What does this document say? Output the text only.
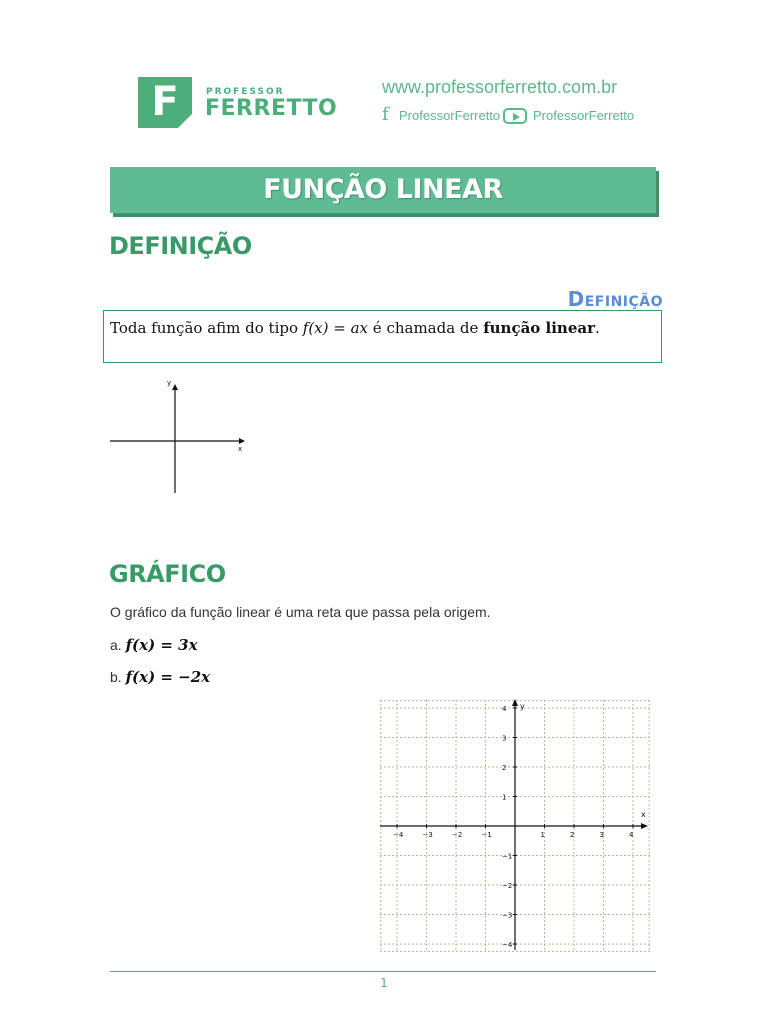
F	PROFESSOR
FERRETTO
www.professorferretto.com.br
f ProfessorFerretto	ProfessorFerretto
FUNÇÃO LINEAR
DEFINIÇÃO
Definição
Toda função afim do tipo f(x) = ax é chamada de função linear.
x
y
GRÁFICO
O gráfico da função linear é uma reta que passa pela origem.
a. f(x) = 3x
b. f(x) = −2x
x
y
−4	−3	−2	−1	1	2	3	4
4
3
2
1
−1
−2
−3
−4
1
